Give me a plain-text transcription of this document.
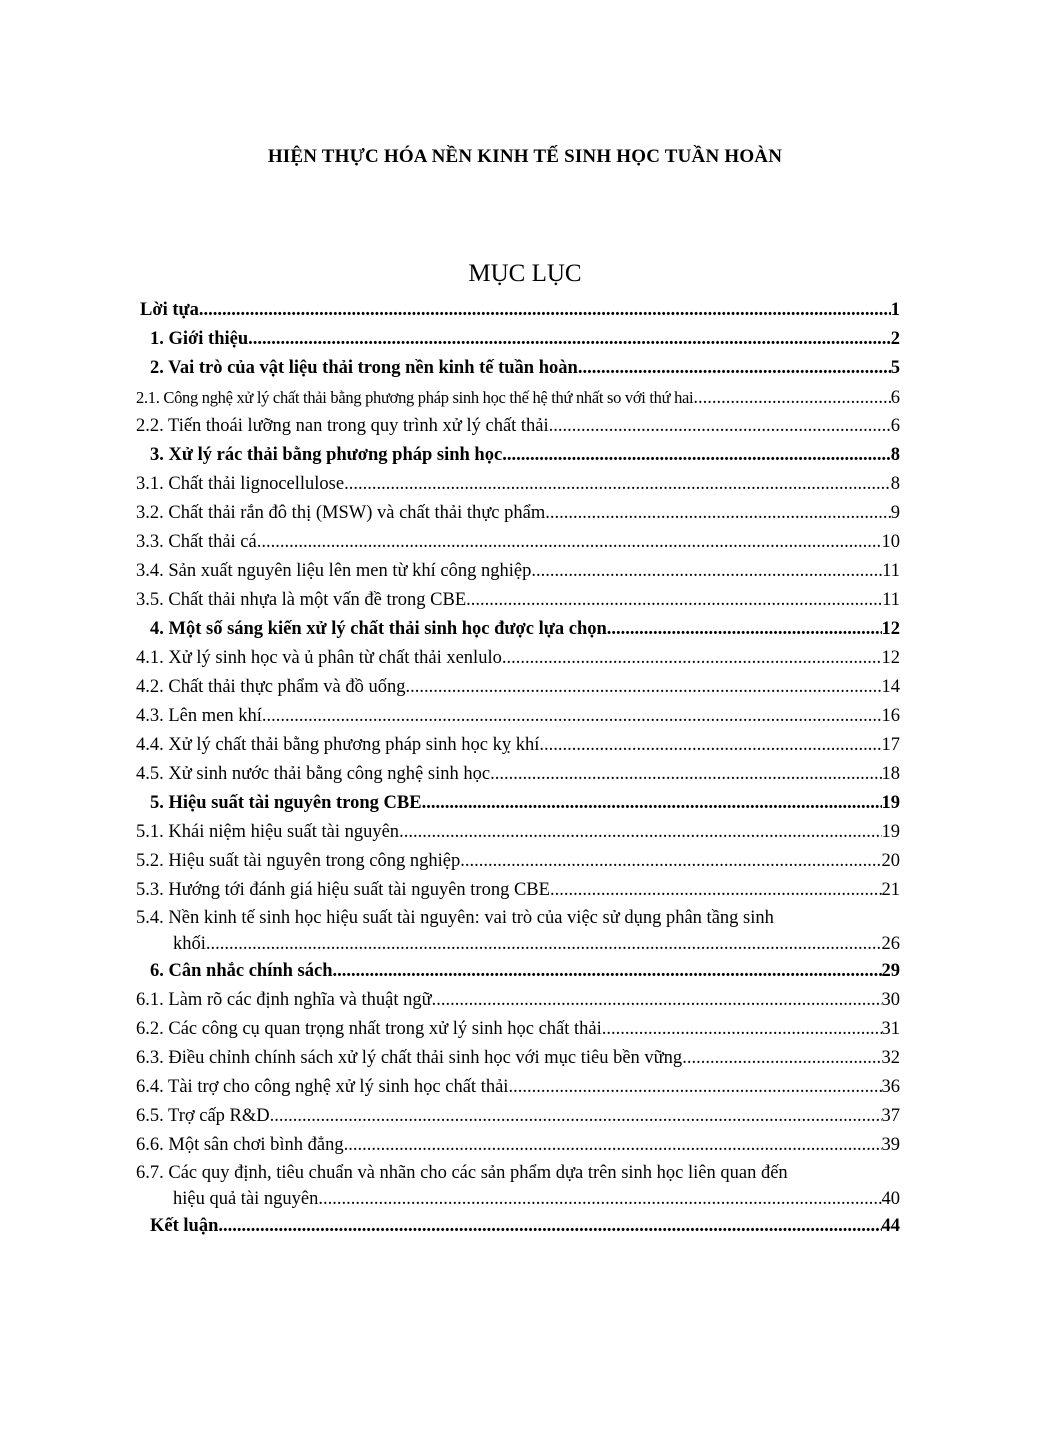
HIỆN THỰC HÓA NỀN KINH TẾ SINH HỌC TUẦN HOÀN
MỤC LỤC
Lời tựa .....	1
1. Giới thiệu .....	2
2. Vai trò của vật liệu thải trong nền kinh tế tuần hoàn .....	5
2.1. Công nghệ xử lý chất thải bằng phương pháp sinh học thế hệ thứ nhất so với thứ hai .....	6
2.2. Tiến thoái lưỡng nan trong quy trình xử lý chất thải .....	6
3. Xử lý rác thải bằng phương pháp sinh học .....	8
3.1. Chất thải lignocellulose .....	8
3.2. Chất thải rắn đô thị (MSW) và chất thải thực phẩm .....	9
3.3. Chất thải cá .....	10
3.4. Sản xuất nguyên liệu lên men từ khí công nghiệp .....	11
3.5. Chất thải nhựa là một vấn đề trong CBE .....	11
4. Một số sáng kiến xử lý chất thải sinh học được lựa chọn .....	12
4.1. Xử lý sinh học và ủ phân từ chất thải xenlulo .....	12
4.2. Chất thải thực phẩm và đồ uống .....	14
4.3. Lên men khí .....	16
4.4. Xử lý chất thải bằng phương pháp sinh học kỵ khí .....	17
4.5. Xử sinh nước thải bằng công nghệ sinh học .....	18
5. Hiệu suất tài nguyên trong CBE .....	19
5.1. Khái niệm hiệu suất tài nguyên .....	19
5.2. Hiệu suất tài nguyên trong công nghiệp .....	20
5.3. Hướng tới đánh giá hiệu suất tài nguyên trong CBE .....	21
5.4. Nền kinh tế sinh học hiệu suất tài nguyên: vai trò của việc sử dụng phân tầng sinh
khối .....	26
6. Cân nhắc chính sách .....	29
6.1. Làm rõ các định nghĩa và thuật ngữ .....	30
6.2. Các công cụ quan trọng nhất trong xử lý sinh học chất thải .....	31
6.3. Điều chỉnh chính sách xử lý chất thải sinh học với mục tiêu bền vững .....	32
6.4. Tài trợ cho công nghệ xử lý sinh học chất thải .....	36
6.5. Trợ cấp R&D .....	37
6.6. Một sân chơi bình đẳng .....	39
6.7. Các quy định, tiêu chuẩn và nhãn cho các sản phẩm dựa trên sinh học liên quan đến
hiệu quả tài nguyên .....	40
Kết luận .....	44
